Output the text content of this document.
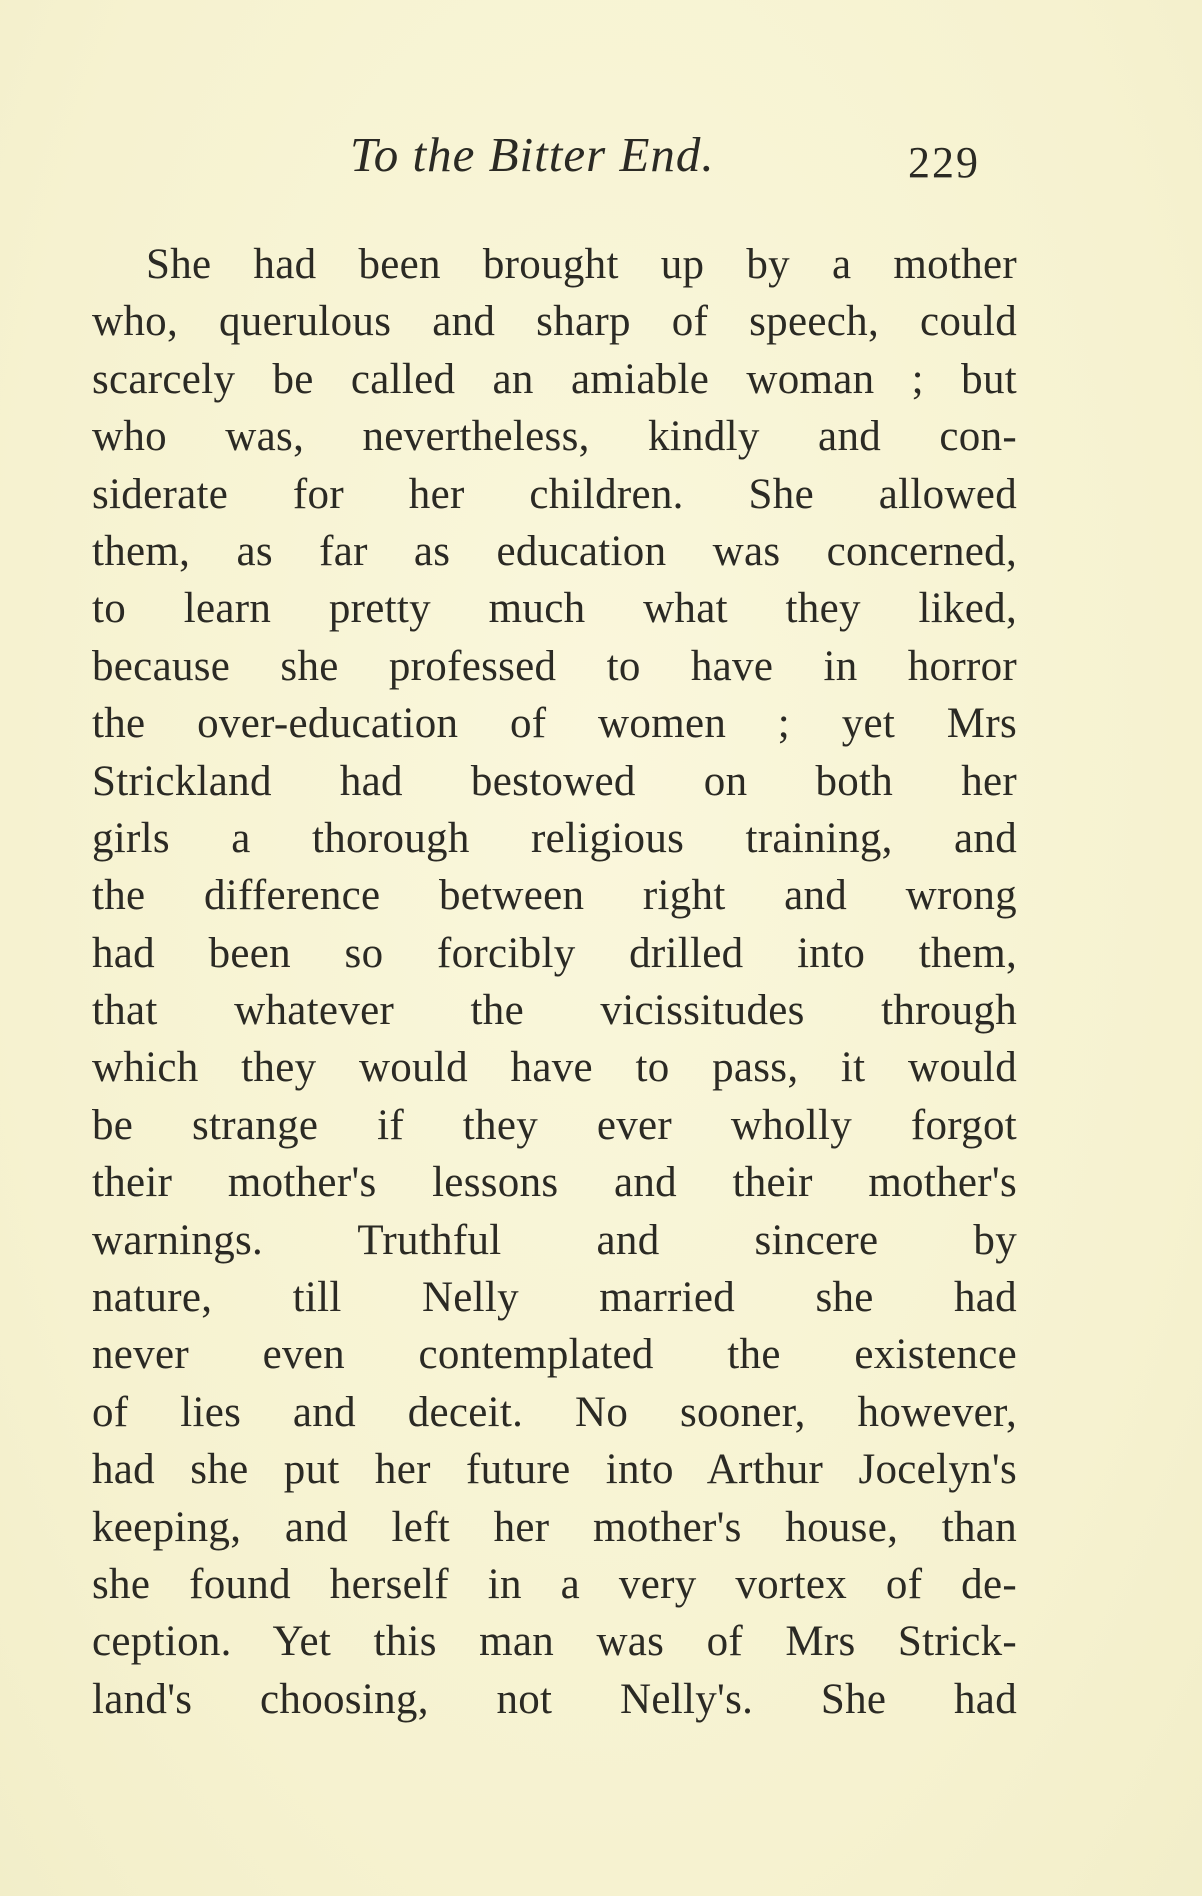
To the Bitter End.	229
She had been brought up by a mother
who, querulous and sharp of speech, could
scarcely be called an amiable woman ; but
who was, nevertheless, kindly and con-
siderate for her children. She allowed
them, as far as education was concerned,
to learn pretty much what they liked,
because she professed to have in horror
the over-education of women ; yet Mrs
Strickland had bestowed on both her
girls a thorough religious training, and
the difference between right and wrong
had been so forcibly drilled into them,
that whatever the vicissitudes through
which they would have to pass, it would
be strange if they ever wholly forgot
their mother's lessons and their mother's
warnings. Truthful and sincere by
nature, till Nelly married she had
never even contemplated the existence
of lies and deceit. No sooner, however,
had she put her future into Arthur Jocelyn's
keeping, and left her mother's house, than
she found herself in a very vortex of de-
ception. Yet this man was of Mrs Strick-
land's choosing, not Nelly's. She had
